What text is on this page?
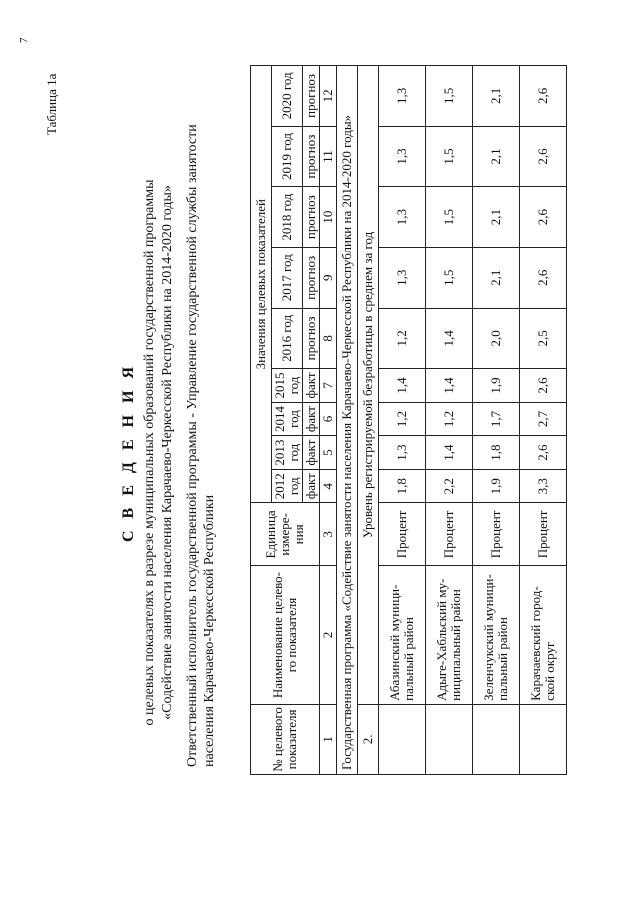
7
Таблица 1а
С В Е Д Е Н И Я о целевых показателях в разрезе муниципальных образований государственной программы «Содействие занятости населения Карачаево-Черкесской Республики на 2014-2020 годы» Ответственный исполнитель государственной программы - Управление государственной службы занятости населения Карачаево-Черкесской Республики	№ целевого показателя	Наименование целево-го показателя	Единица измере-ния	Значения целевых показателей								
			2012 год	2013 год	2014 год	2015 год	2016 год	2017 год	2018 год	2019 год	2020 год
			факт	факт	факт	факт	прогноз	прогноз	прогноз	прогноз	прогноз
1	2	3	4	5	6	7	8	9	10	11	12
Государственная программа «Содействие занятости населения Карачаево-Черкесской Республики на 2014-2020 годы»											
2.	Уровень регистрируемой безработицы в среднем за год										
	Абазинский муници-пальный район	Процент	1,8	1,3	1,2	1,4	1,2	1,3	1,3	1,3	1,3
	Адыге-Хабльский му-ниципальный район	Процент	2,2	1,4	1,2	1,4	1,4	1,5	1,5	1,5	1,5
	Зеленчукский муници-пальный район	Процент	1,9	1,8	1,7	1,9	2,0	2,1	2,1	2,1	2,1
	Карачаевский город-ской округ	Процент	3,3	2,6	2,7	2,6	2,5	2,6	2,6	2,6	2,6
